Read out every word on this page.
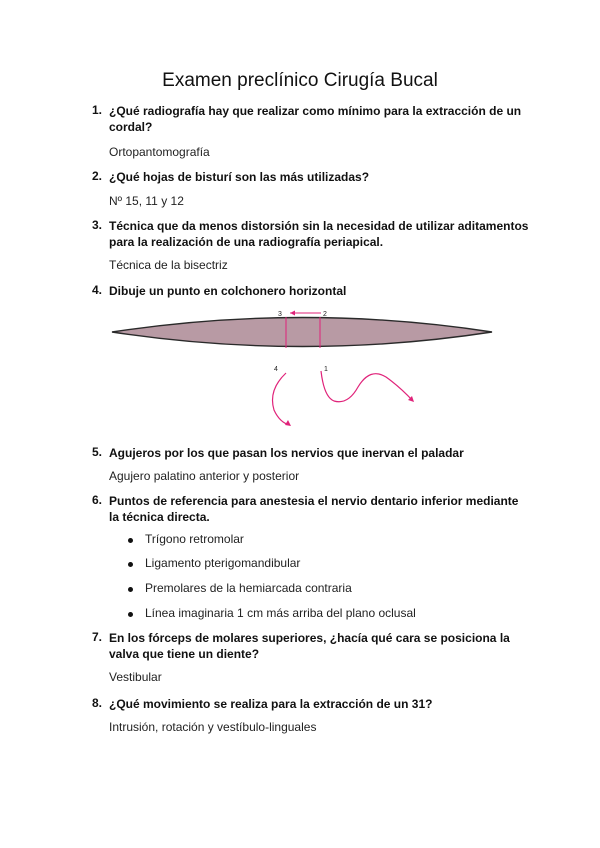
Examen preclínico Cirugía Bucal
1. ¿Qué radiografía hay que realizar como mínimo para la extracción de un cordal?
Ortopantomografía
2. ¿Qué hojas de bisturí son las más utilizadas?
Nº 15, 11 y 12
3. Técnica que da menos distorsión sin la necesidad de utilizar aditamentos para la realización de una radiografía periapical.
Técnica de la bisectriz
4. Dibuje un punto en colchonero horizontal
3	2
4	1
5. Agujeros por los que pasan los nervios que inervan el paladar
Agujero palatino anterior y posterior
6. Puntos de referencia para anestesia el nervio dentario inferior mediante la técnica directa.
Trígono retromolar
Ligamento pterigomandibular
Premolares de la hemiarcada contraria
Línea imaginaria 1 cm más arriba del plano oclusal
7. En los fórceps de molares superiores, ¿hacía qué cara se posiciona la valva que tiene un diente?
Vestibular
8. ¿Qué movimiento se realiza para la extracción de un 31?
Intrusión, rotación y vestíbulo-linguales
